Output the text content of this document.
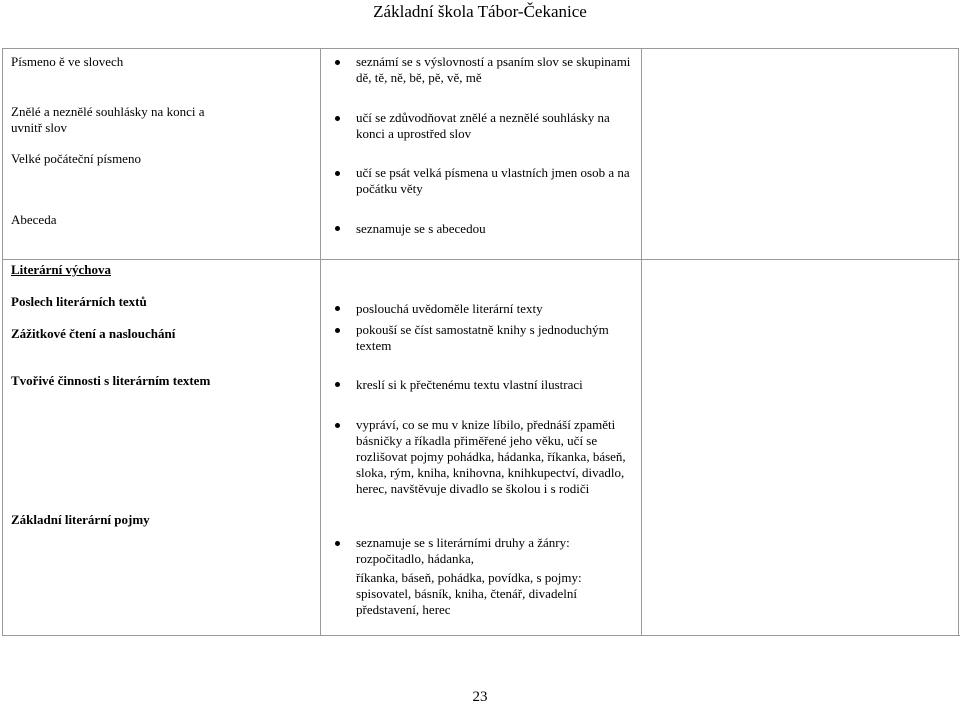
Základní škola Tábor-Čekanice
Písmeno ě ve slovech
Znělé a neznělé souhlásky na konci a uvnitř slov
Velké počáteční písmeno
Abeceda
seznámí se s výslovností a psaním slov se skupinami dě, tě, ně, bě, pě, vě, mě
učí se zdůvodňovat znělé a neznělé souhlásky na konci a uprostřed slov
učí se psát velká písmena u vlastních jmen osob a na počátku věty
seznamuje se s abecedou
Literární výchova
Poslech literárních textů
Zážitkové čtení a naslouchání
Tvořivé činnosti s literárním textem
Základní literární pojmy
poslouchá uvědoměle literární texty
pokouší se číst samostatně knihy s jednoduchým textem
kreslí si k přečtenému textu vlastní ilustraci
vypráví, co se mu v knize líbilo, přednáší zpaměti básničky a říkadla přiměřené jeho věku, učí se rozlišovat pojmy pohádka, hádanka, říkanka, báseň, sloka, rým, kniha, knihovna, knihkupectví, divadlo, herec, navštěvuje divadlo se školou i s rodiči
seznamuje se s literárními druhy a žánry: rozpočitadlo, hádanka,
říkanka, báseň, pohádka, povídka, s pojmy: spisovatel, básník, kniha, čtenář, divadelní představení, herec
23
